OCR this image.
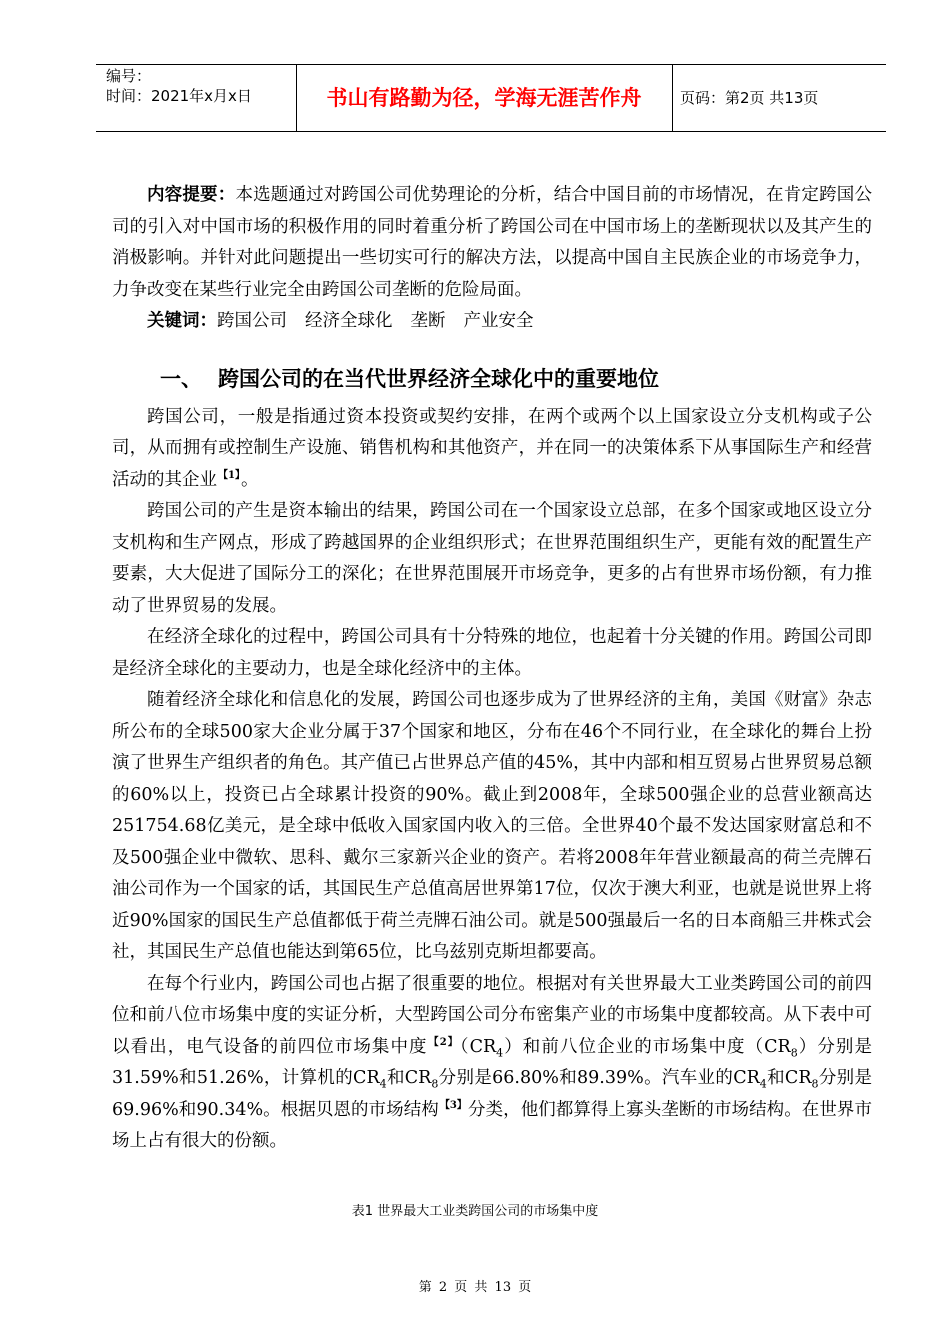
编号：
时间：2021年x月x日	书山有路勤为径，学海无涯苦作舟	页码：第2页 共13页

内容提要：本选题通过对跨国公司优势理论的分析，结合中国目前的市场情况，在肯定跨国公司的引入对中国市场的积极作用的同时着重分析了跨国公司在中国市场上的垄断现状以及其产生的消极影响。并针对此问题提出一些切实可行的解决方法，以提高中国自主民族企业的市场竞争力，力争改变在某些行业完全由跨国公司垄断的危险局面。

关键词：跨国公司 经济全球化 垄断 产业安全

一、 跨国公司的在当代世界经济全球化中的重要地位

跨国公司，一般是指通过资本投资或契约安排，在两个或两个以上国家设立分支机构或子公司，从而拥有或控制生产设施、销售机构和其他资产，并在同一的决策体系下从事国际生产和经营活动的其企业$^{【1】}$。

跨国公司的产生是资本输出的结果，跨国公司在一个国家设立总部，在多个国家或地区设立分支机构和生产网点，形成了跨越国界的企业组织形式；在世界范围组织生产，更能有效的配置生产要素，大大促进了国际分工的深化；在世界范围展开市场竞争，更多的占有世界市场份额，有力推动了世界贸易的发展。

在经济全球化的过程中，跨国公司具有十分特殊的地位，也起着十分关键的作用。跨国公司即是经济全球化的主要动力，也是全球化经济中的主体。

随着经济全球化和信息化的发展，跨国公司也逐步成为了世界经济的主角，美国《财富》杂志所公布的全球500家大企业分属于37个国家和地区，分布在46个不同行业，在全球化的舞台上扮演了世界生产组织者的角色。其产值已占世界总产值的45%，其中内部和相互贸易占世界贸易总额的60%以上，投资已占全球累计投资的90%。截止到2008年，全球500强企业的总营业额高达251754.68亿美元，是全球中低收入国家国内收入的三倍。全世界40个最不发达国家财富总和不及500强企业中微软、思科、戴尔三家新兴企业的资产。若将2008年年营业额最高的荷兰壳牌石油公司作为一个国家的话，其国民生产总值高居世界第17位，仅次于澳大利亚，也就是说世界上将近90%国家的国民生产总值都低于荷兰壳牌石油公司。就是500强最后一名的日本商船三井株式会社，其国民生产总值也能达到第65位，比乌兹别克斯坦都要高。

在每个行业内，跨国公司也占据了很重要的地位。根据对有关世界最大工业类跨国公司的前四位和前八位市场集中度的实证分析，大型跨国公司分布密集产业的市场集中度都较高。从下表中可以看出，电气设备的前四位市场集中度$^{【2】}(CR_4)$和前八位企业的市场集中度$(CR_8)$分别是31.59%和51.26%，计算机的$CR_4$和$CR_8$分别是66.80%和89.39%。汽车业的$CR_4$和$CR_8$分别是69.96%和90.34%。根据贝恩的市场结构$^{【3】}$分类，他们都算得上寡头垄断的市场结构。在世界市场上占有很大的份额。

表1 世界最大工业类跨国公司的市场集中度
第 2 页 共 13 页
